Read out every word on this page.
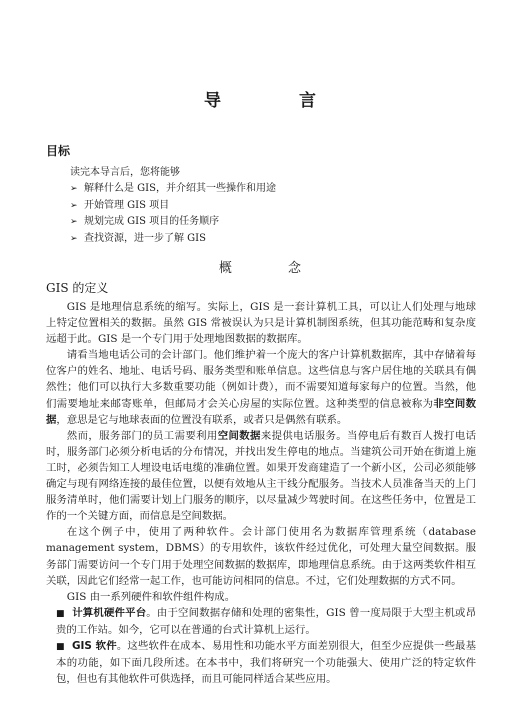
导 言
目标
读完本导言后，您将能够
➢ 解释什么是 GIS，并介绍其一些操作和用途
➢ 开始管理 GIS 项目
➢ 规划完成 GIS 项目的任务顺序
➢ 查找资源，进一步了解 GIS
概 念
GIS 的定义

GIS 是地理信息系统的缩写。实际上，GIS 是一套计算机工具，可以让人们处理与地球上特定位置相关的数据。虽然 GIS 常被误认为只是计算机制图系统，但其功能范畴和复杂度远超于此。GIS 是一个专门用于处理地图数据的数据库。

请看当地电话公司的会计部门。他们维护着一个庞大的客户计算机数据库，其中存储着每位客户的姓名、地址、电话号码、服务类型和账单信息。这些信息与客户居住地的关联具有偶然性；他们可以执行大多数重要功能（例如计费），而不需要知道每家每户的位置。当然，他们需要地址来邮寄账单，但邮局才会关心房屋的实际位置。这种类型的信息被称为非空间数据，意思是它与地球表面的位置没有联系，或者只是偶然有联系。

然而，服务部门的员工需要利用空间数据来提供电话服务。当停电后有数百人拨打电话时，服务部门必须分析电话的分布情况，并找出发生停电的地点。当建筑公司开始在街道上施工时，必须告知工人埋设电话电缆的准确位置。如果开发商建造了一个新小区，公司必须能够确定与现有网络连接的最佳位置，以便有效地从主干线分配服务。当技术人员准备当天的上门服务清单时，他们需要计划上门服务的顺序，以尽量减少驾驶时间。在这些任务中，位置是工作的一个关键方面，而信息是空间数据。

在这个例子中，使用了两种软件。会计部门使用名为数据库管理系统（database management system，DBMS）的专用软件，该软件经过优化，可处理大量空间数据。服务部门需要访问一个专门用于处理空间数据的数据库，即地理信息系统。由于这两类软件相互关联，因此它们经常一起工作，也可能访问相同的信息。不过，它们处理数据的方式不同。

GIS 由一系列硬件和软件组件构成。

■ 计算机硬件平台。由于空间数据存储和处理的密集性，GIS 曾一度局限于大型主机或昂贵的工作站。如今，它可以在普通的台式计算机上运行。

■ GIS 软件。这些软件在成本、易用性和功能水平方面差别很大，但至少应提供一些最基本的功能，如下面几段所述。在本书中，我们将研究一个功能强大、使用广泛的特定软件包，但也有其他软件可供选择，而且可能同样适合某些应用。
